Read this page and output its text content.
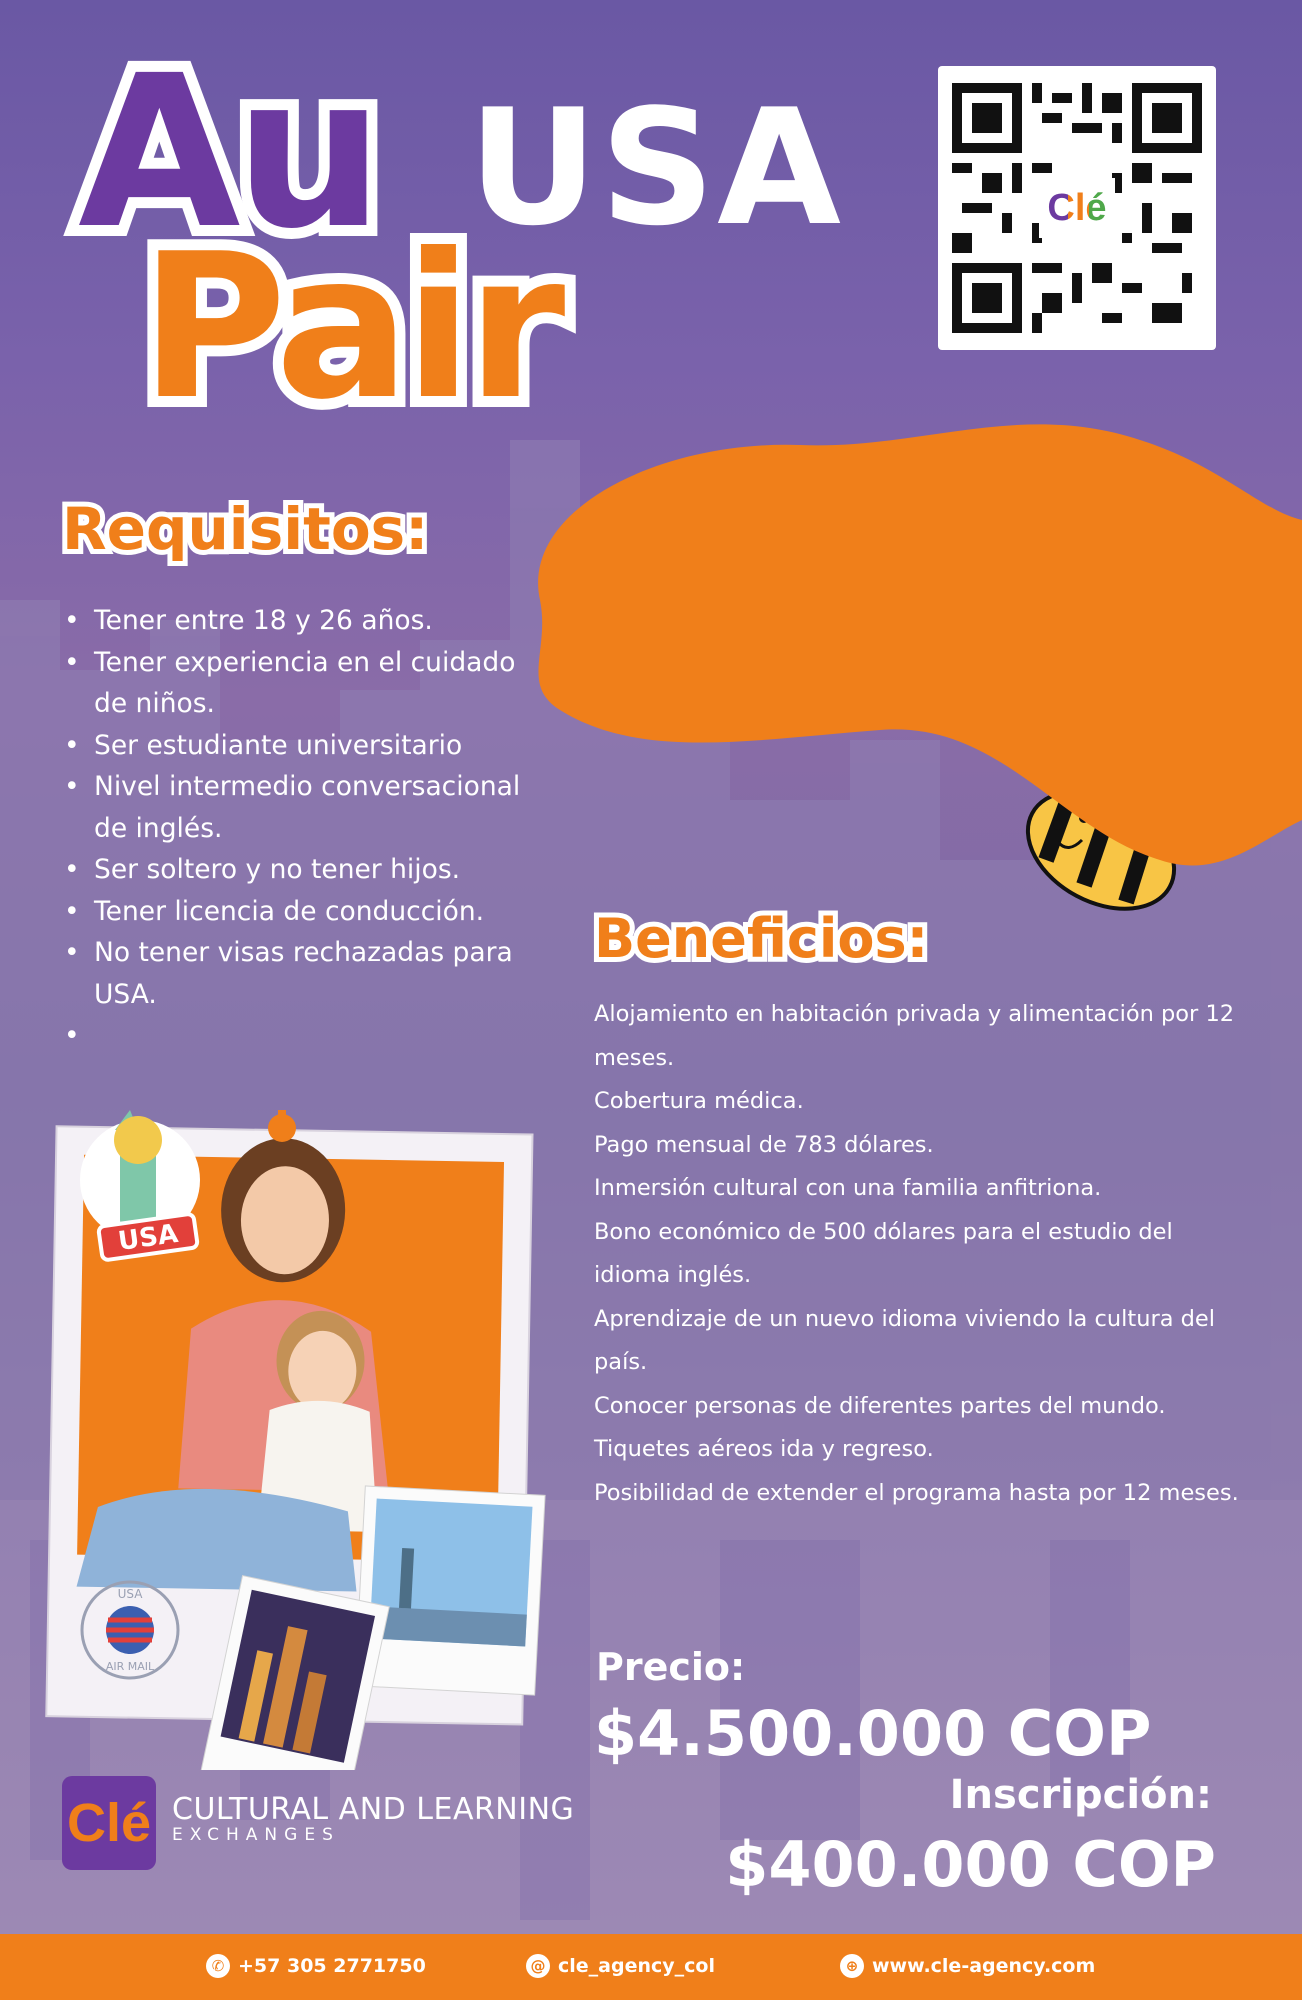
Au
Pair
USA	Clé
Requisitos:
• Tener entre 18 y 26 años.
• Tener experiencia en el cuidado de niños.
• Ser estudiante universitario
• Nivel intermedio conversacional de inglés.
• Ser soltero y no tener hijos.
• Tener licencia de conducción.
• No tener visas rechazadas para USA.
•
Beneficios:
Alojamiento en habitación privada y alimentación por 12 meses.
Cobertura médica.
Pago mensual de 783 dólares.
Inmersión cultural con una familia anfitriona.
Bono económico de 500 dólares para el estudio del idioma inglés.
Aprendizaje de un nuevo idioma viviendo la cultura del país.
Conocer personas de diferentes partes del mundo.
Tiquetes aéreos ida y regreso.
Posibilidad de extender el programa hasta por 12 meses.
Precio:
$4.500.000 COP
Inscripción:
$400.000 COP
USA
USA
AIR MAIL
Clé CULTURAL AND LEARNING
EXCHANGES
✆ +57 305 2771750	@ cle_agency_col	⊕ www.cle-agency.com
